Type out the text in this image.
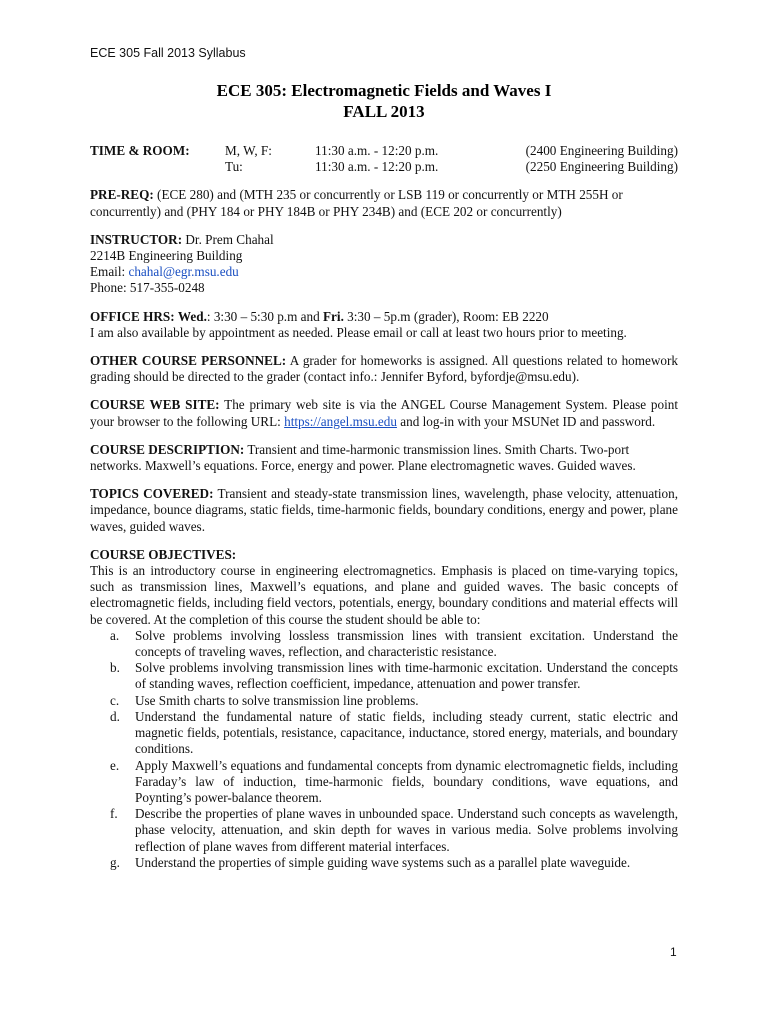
ECE 305 Fall 2013 Syllabus
ECE 305: Electromagnetic Fields and Waves I
FALL 2013
TIME & ROOM:	M, W, F:	11:30 a.m. - 12:20 p.m.	(2400 Engineering Building)
Tu:	11:30 a.m. - 12:20 p.m.	(2250 Engineering Building)

PRE-REQ: (ECE 280) and (MTH 235 or concurrently or LSB 119 or concurrently or MTH 255H or concurrently) and (PHY 184 or PHY 184B or PHY 234B) and (ECE 202 or concurrently)

INSTRUCTOR: Dr. Prem Chahal

2214B Engineering Building

Email: chahal@egr.msu.edu

Phone: 517-355-0248

OFFICE HRS: Wed.: 3:30 – 5:30 p.m and Fri. 3:30 – 5p.m (grader), Room: EB 2220

I am also available by appointment as needed. Please email or call at least two hours prior to meeting.

OTHER COURSE PERSONNEL: A grader for homeworks is assigned. All questions related to homework grading should be directed to the grader (contact info.: Jennifer Byford, byfordje@msu.edu).

COURSE WEB SITE: The primary web site is via the ANGEL Course Management System. Please point your browser to the following URL: https://angel.msu.edu and log-in with your MSUNet ID and password.

COURSE DESCRIPTION: Transient and time-harmonic transmission lines. Smith Charts. Two-port networks. Maxwell’s equations. Force, energy and power. Plane electromagnetic waves. Guided waves.

TOPICS COVERED: Transient and steady-state transmission lines, wavelength, phase velocity, attenuation, impedance, bounce diagrams, static fields, time-harmonic fields, boundary conditions, energy and power, plane waves, guided waves.

COURSE OBJECTIVES:

This is an introductory course in engineering electromagnetics. Emphasis is placed on time-varying topics, such as transmission lines, Maxwell’s equations, and plane and guided waves. The basic concepts of electromagnetic fields, including field vectors, potentials, energy, boundary conditions and material effects will be covered. At the completion of this course the student should be able to:

a.	Solve problems involving lossless transmission lines with transient excitation. Understand the concepts of traveling waves, reflection, and characteristic resistance.
b.	Solve problems involving transmission lines with time-harmonic excitation. Understand the concepts of standing waves, reflection coefficient, impedance, attenuation and power transfer.
c.	Use Smith charts to solve transmission line problems.
d.	Understand the fundamental nature of static fields, including steady current, static electric and magnetic fields, potentials, resistance, capacitance, inductance, stored energy, materials, and boundary conditions.
e.	Apply Maxwell’s equations and fundamental concepts from dynamic electromagnetic fields, including Faraday’s law of induction, time-harmonic fields, boundary conditions, wave equations, and Poynting’s power-balance theorem.
f.	Describe the properties of plane waves in unbounded space. Understand such concepts as wavelength, phase velocity, attenuation, and skin depth for waves in various media. Solve problems involving reflection of plane waves from different material interfaces.
g.	Understand the properties of simple guiding wave systems such as a parallel plate waveguide.
1
